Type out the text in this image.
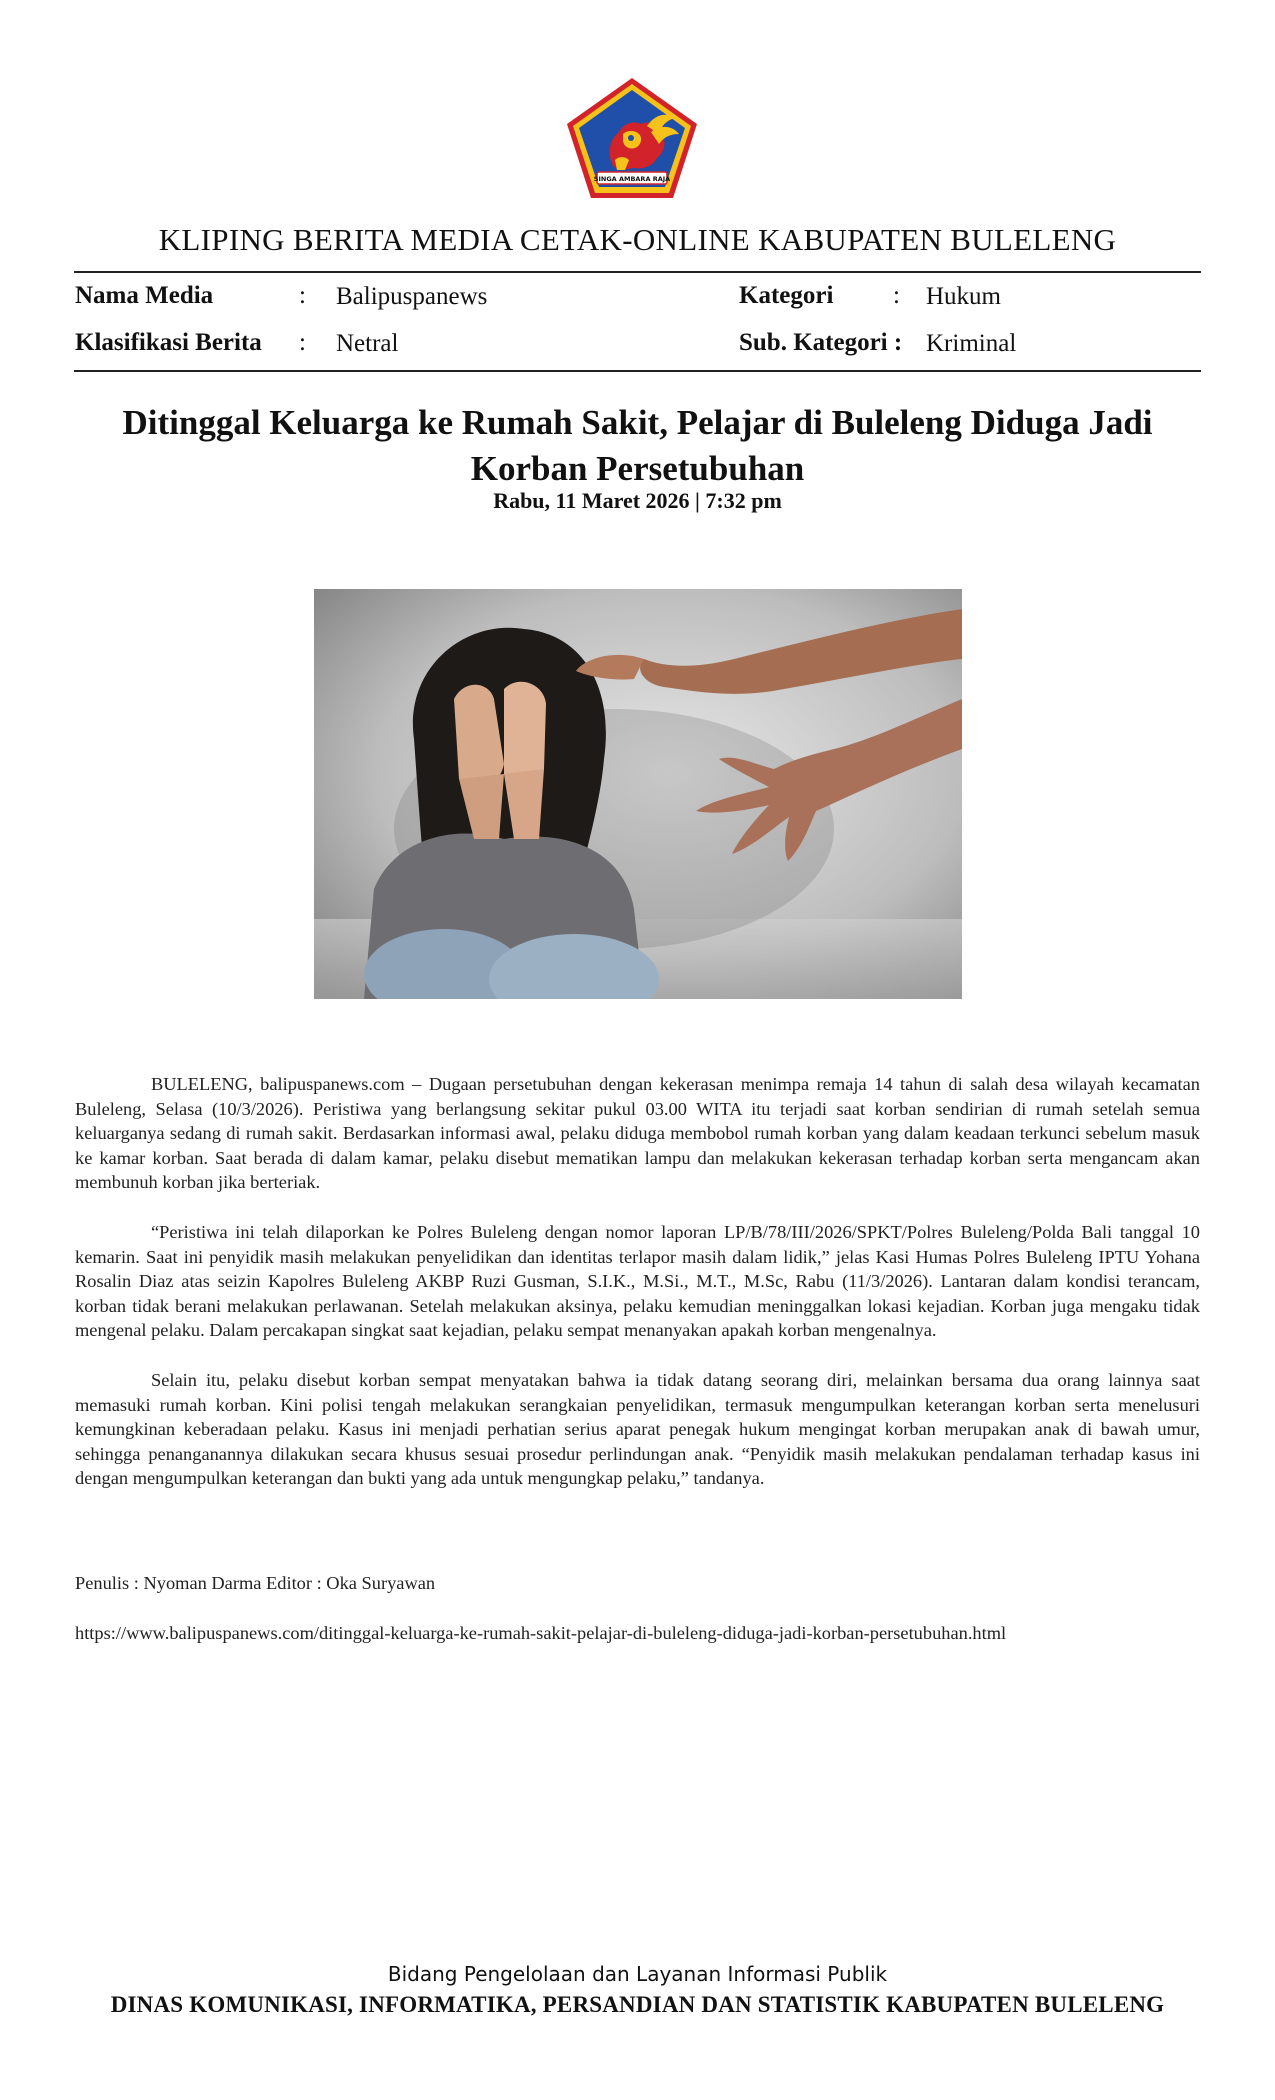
SINGA AMBARA RAJA
KLIPING BERITA MEDIA CETAK-ONLINE KABUPATEN BULELENG
Nama Media	: Balipuspanews	Kategori : Hukum
Klasifikasi Berita : Netral	Sub. Kategori : Kriminal
Ditinggal Keluarga ke Rumah Sakit, Pelajar di Buleleng Diduga Jadi Korban Persetubuhan
Rabu, 11 Maret 2026 | 7:32 pm

BULELENG, balipuspanews.com – Dugaan persetubuhan dengan kekerasan menimpa remaja 14 tahun di salah desa wilayah kecamatan Buleleng, Selasa (10/3/2026). Peristiwa yang berlangsung sekitar pukul 03.00 WITA itu terjadi saat korban sendirian di rumah setelah semua keluarganya sedang di rumah sakit. Berdasarkan informasi awal, pelaku diduga membobol rumah korban yang dalam keadaan terkunci sebelum masuk ke kamar korban. Saat berada di dalam kamar, pelaku disebut mematikan lampu dan melakukan kekerasan terhadap korban serta mengancam akan membunuh korban jika berteriak.

“Peristiwa ini telah dilaporkan ke Polres Buleleng dengan nomor laporan LP/B/78/III/2026/SPKT/Polres Buleleng/Polda Bali tanggal 10 kemarin. Saat ini penyidik masih melakukan penyelidikan dan identitas terlapor masih dalam lidik,” jelas Kasi Humas Polres Buleleng IPTU Yohana Rosalin Diaz atas seizin Kapolres Buleleng AKBP Ruzi Gusman, S.I.K., M.Si., M.T., M.Sc, Rabu (11/3/2026). Lantaran dalam kondisi terancam, korban tidak berani melakukan perlawanan. Setelah melakukan aksinya, pelaku kemudian meninggalkan lokasi kejadian. Korban juga mengaku tidak mengenal pelaku. Dalam percakapan singkat saat kejadian, pelaku sempat menanyakan apakah korban mengenalnya.

Selain itu, pelaku disebut korban sempat menyatakan bahwa ia tidak datang seorang diri, melainkan bersama dua orang lainnya saat memasuki rumah korban. Kini polisi tengah melakukan serangkaian penyelidikan, termasuk mengumpulkan keterangan korban serta menelusuri kemungkinan keberadaan pelaku. Kasus ini menjadi perhatian serius aparat penegak hukum mengingat korban merupakan anak di bawah umur, sehingga penanganannya dilakukan secara khusus sesuai prosedur perlindungan anak. “Penyidik masih melakukan pendalaman terhadap kasus ini dengan mengumpulkan keterangan dan bukti yang ada untuk mengungkap pelaku,” tandanya.

Penulis : Nyoman Darma Editor : Oka Suryawan
https://www.balipuspanews.com/ditinggal-keluarga-ke-rumah-sakit-pelajar-di-buleleng-diduga-jadi-korban-persetubuhan.html
Bidang Pengelolaan dan Layanan Informasi Publik
DINAS KOMUNIKASI, INFORMATIKA, PERSANDIAN DAN STATISTIK KABUPATEN BULELENG
